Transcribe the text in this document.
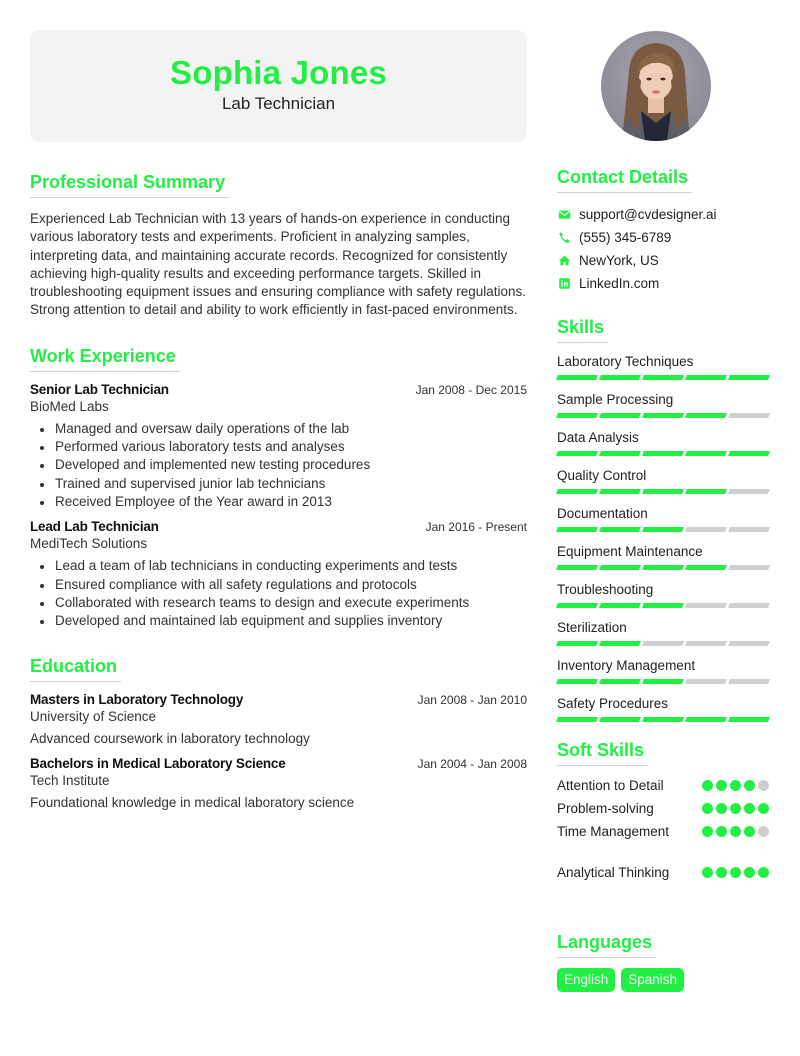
Sophia Jones
Lab Technician
Professional Summary

Experienced Lab Technician with 13 years of hands-on experience in conducting various laboratory tests and experiments. Proficient in analyzing samples, interpreting data, and maintaining accurate records. Recognized for consistently achieving high-quality results and exceeding performance targets. Skilled in troubleshooting equipment issues and ensuring compliance with safety regulations. Strong attention to detail and ability to work efficiently in fast-paced environments.

Work Experience
Senior Lab Technician	Jan 2008 - Dec 2015
BioMed Labs
Managed and oversaw daily operations of the lab
Performed various laboratory tests and analyses
Developed and implemented new testing procedures
Trained and supervised junior lab technicians
Received Employee of the Year award in 2013
Lead Lab Technician	Jan 2016 - Present
MediTech Solutions
Lead a team of lab technicians in conducting experiments and tests
Ensured compliance with all safety regulations and protocols
Collaborated with research teams to design and execute experiments
Developed and maintained lab equipment and supplies inventory
Education
Masters in Laboratory Technology	Jan 2008 - Jan 2010
University of Science
Advanced coursework in laboratory technology
Bachelors in Medical Laboratory Science	Jan 2004 - Jan 2008
Tech Institute
Foundational knowledge in medical laboratory science
Contact Details
support@cvdesigner.ai
(555) 345-6789
NewYork, US
LinkedIn.com
Skills
Laboratory Techniques
Sample Processing
Data Analysis
Quality Control
Documentation
Equipment Maintenance
Troubleshooting
Sterilization
Inventory Management
Safety Procedures
Soft Skills
Attention to Detail
Problem-solving
Time Management
Analytical Thinking
Languages
English	Spanish
